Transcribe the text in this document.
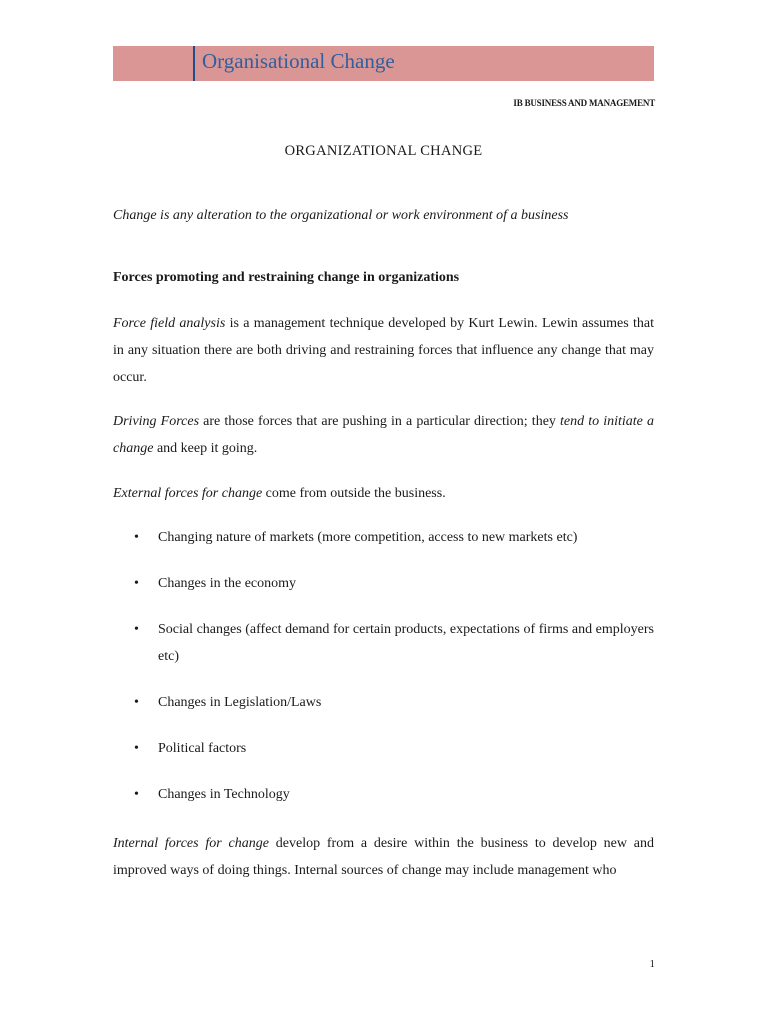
Organisational Change
IB BUSINESS AND MANAGEMENT
ORGANIZATIONAL CHANGE

Change is any alteration to the organizational or work environment of a business

Forces promoting and restraining change in organizations

Force field analysis is a management technique developed by Kurt Lewin. Lewin assumes that in any situation there are both driving and restraining forces that influence any change that may occur.

Driving Forces are those forces that are pushing in a particular direction; they tend to initiate a change and keep it going.

External forces for change come from outside the business.

• Changing nature of markets (more competition, access to new markets etc)
• Changes in the economy
• Social changes (affect demand for certain products, expectations of firms and employers etc)
• Changes in Legislation/Laws
• Political factors
• Changes in Technology

Internal forces for change develop from a desire within the business to develop new and improved ways of doing things. Internal sources of change may include management who

1
